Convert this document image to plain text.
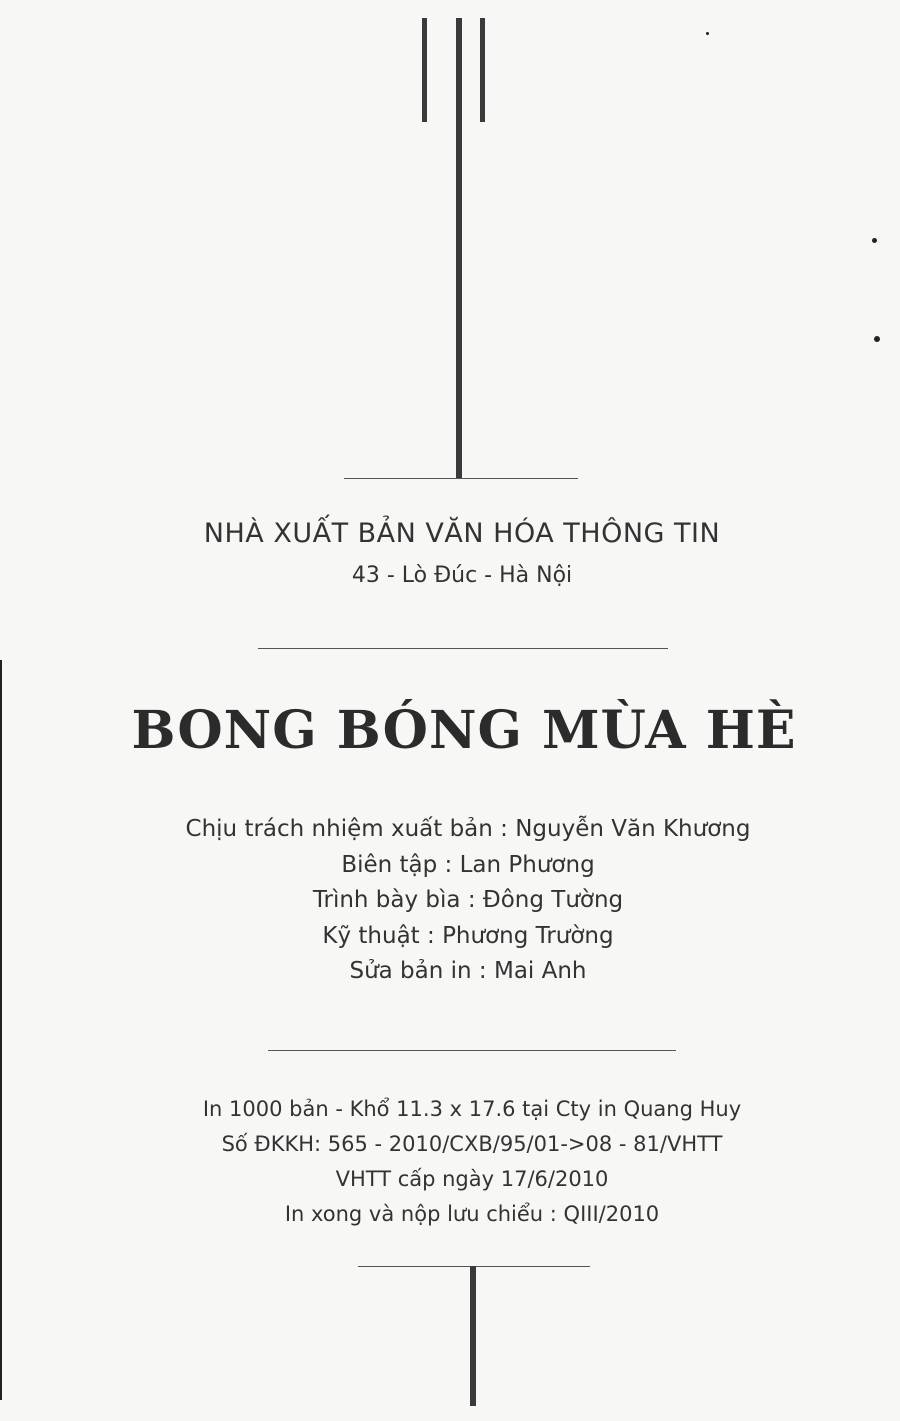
NHÀ XUẤT BẢN VĂN HÓA THÔNG TIN
43 - Lò Đúc - Hà Nội
BONG BÓNG MÙA HÈ
Chịu trách nhiệm xuất bản : Nguyễn Văn Khương
Biên tập : Lan Phương
Trình bày bìa : Đông Tường
Kỹ thuật : Phương Trường
Sửa bản in : Mai Anh
In 1000 bản - Khổ 11.3 x 17.6 tại Cty in Quang Huy
Số ĐKKH: 565 - 2010/CXB/95/01->08 - 81/VHTT
VHTT cấp ngày 17/6/2010
In xong và nộp lưu chiểu : QIII/2010
